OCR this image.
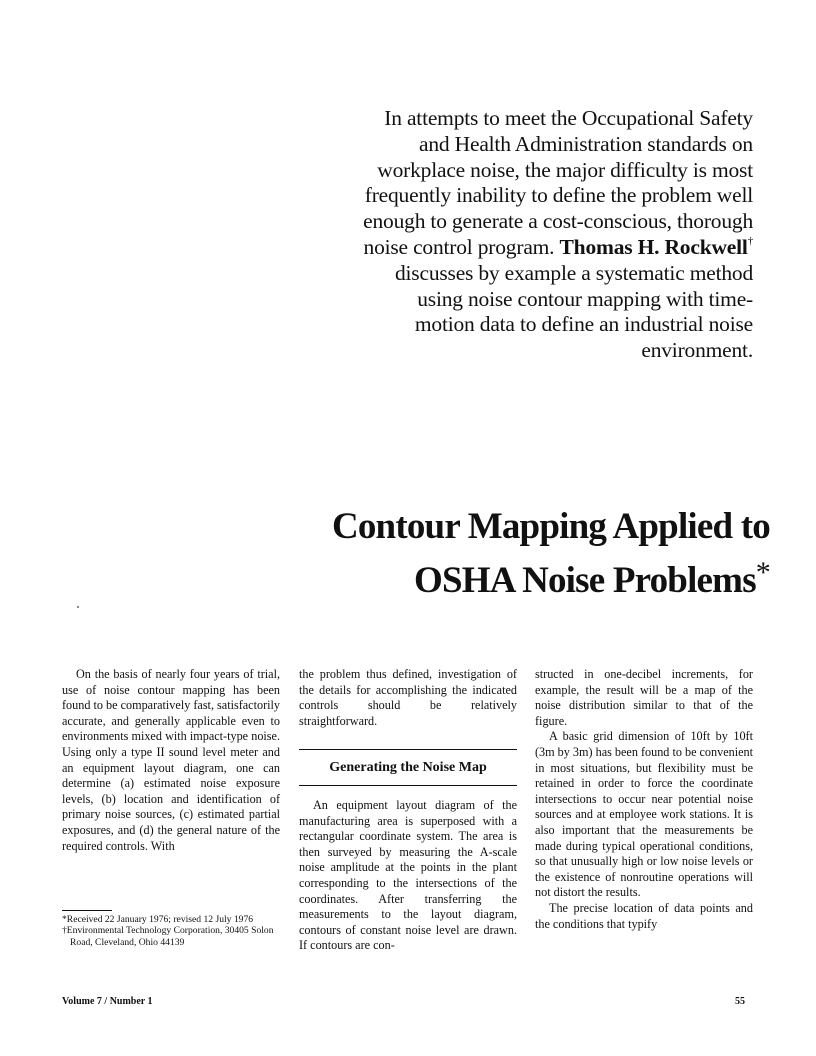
In attempts to meet the Occupational Safety and Health Administration standards on workplace noise, the major difficulty is most frequently inability to define the problem well enough to generate a cost-conscious, thorough noise control program. Thomas H. Rockwell† discusses by example a systematic method using noise contour mapping with time-motion data to define an industrial noise environment.
Contour Mapping Applied to
OSHA Noise Problems*

On the basis of nearly four years of trial, use of noise contour mapping has been found to be comparatively fast, satisfactorily accurate, and generally applicable even to environments mixed with impact-type noise. Using only a type II sound level meter and an equipment layout diagram, one can determine (a) estimated noise exposure levels, (b) location and identification of primary noise sources, (c) estimated partial exposures, and (d) the general nature of the required controls. With

the problem thus defined, investigation of the details for accomplishing the indicated controls should be relatively straightforward.

Generating the Noise Map

An equipment layout diagram of the manufacturing area is superposed with a rectangular coordinate system. The area is then surveyed by measuring the A-scale noise amplitude at the points in the plant corresponding to the intersections of the coordinates. After transferring the measurements to the layout diagram, contours of constant noise level are drawn. If contours are con-

structed in one-decibel increments, for example, the result will be a map of the noise distribution similar to that of the figure.

A basic grid dimension of 10ft by 10ft (3m by 3m) has been found to be convenient in most situations, but flexibility must be retained in order to force the coordinate intersections to occur near potential noise sources and at employee work stations. It is also important that the measurements be made during typical operational conditions, so that unusually high or low noise levels or the existence of nonroutine operations will not distort the results.

The precise location of data points and the conditions that typify

*Received 22 January 1976; revised 12 July 1976
†Environmental Technology Corporation, 30405 Solon Road, Cleveland, Ohio 44139
Volume 7 / Number 1	55
